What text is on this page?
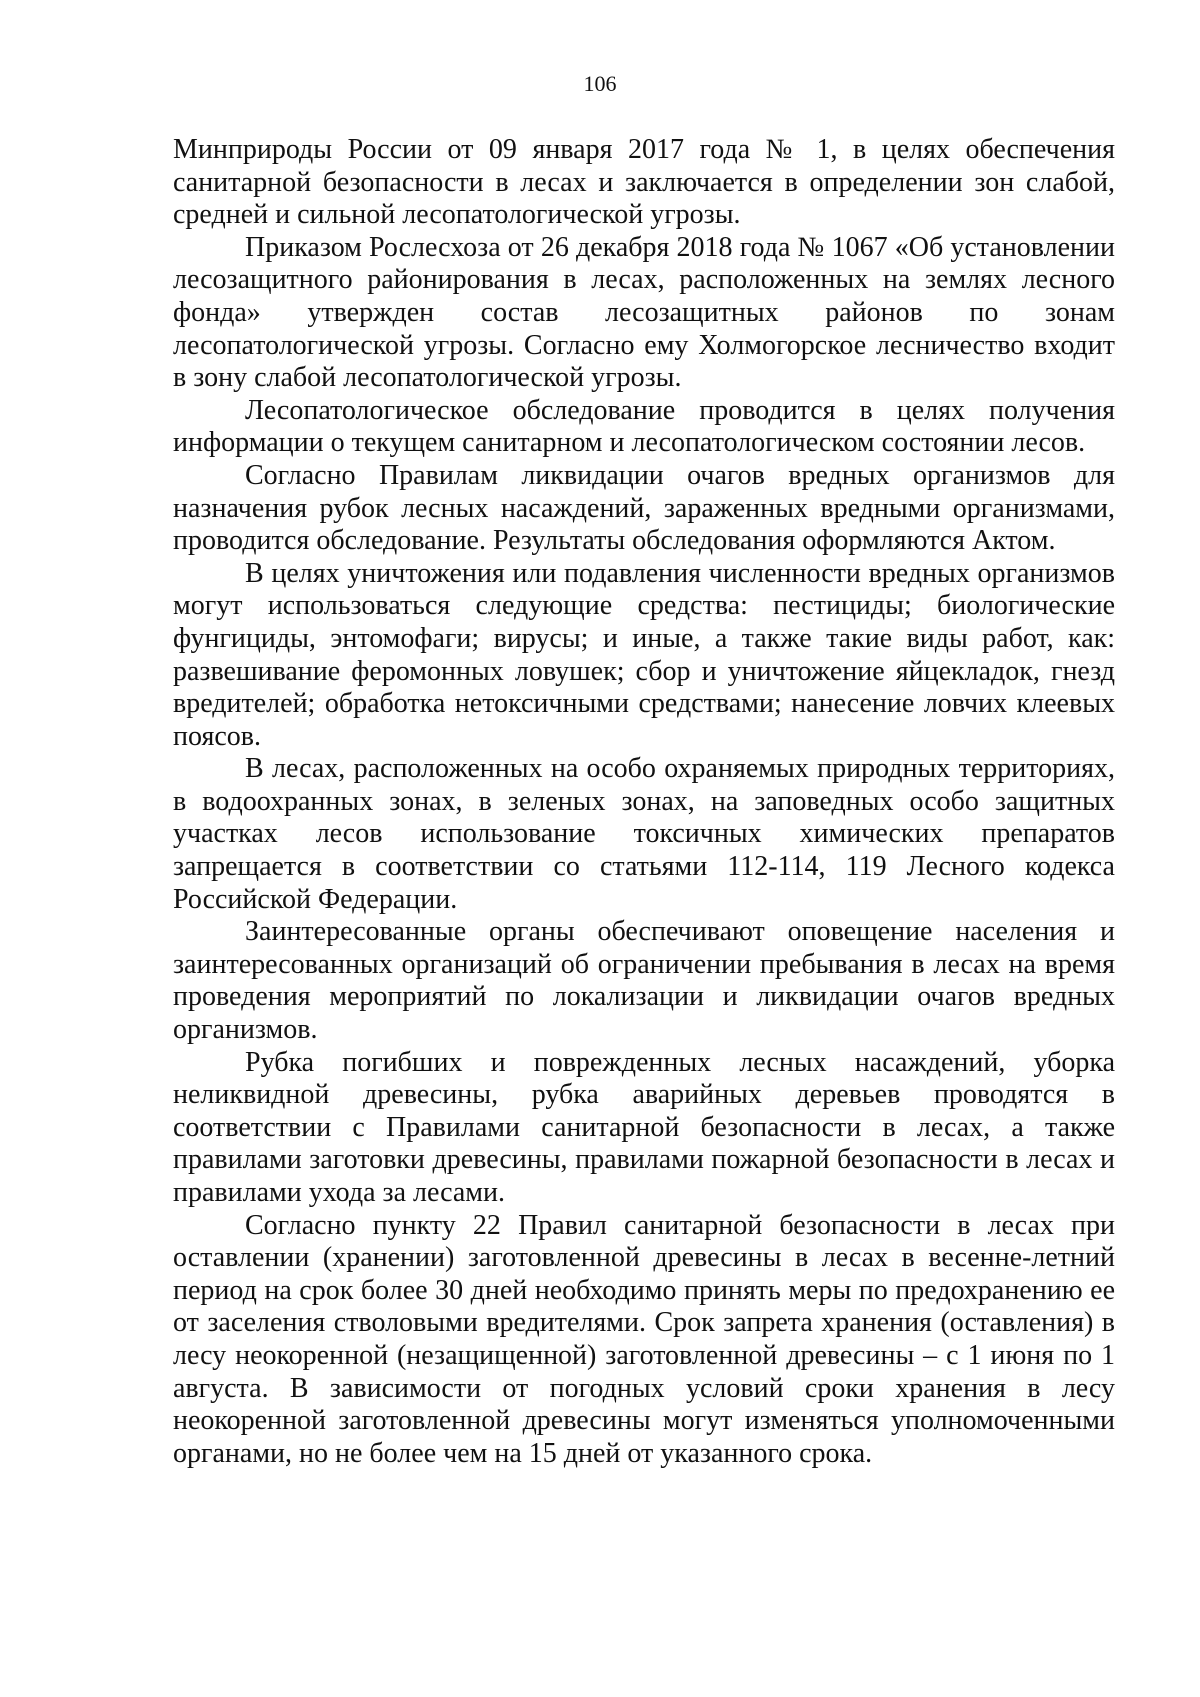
106

Минприроды России от 09 января 2017 года № 1, в целях обеспечения санитарной безопасности в лесах и заключается в определении зон слабой, средней и сильной лесопатологической угрозы.

Приказом Рослесхоза от 26 декабря 2018 года № 1067 «Об установлении лесозащитного районирования в лесах, расположенных на землях лесного фонда» утвержден состав лесозащитных районов по зонам лесопатологической угрозы. Согласно ему Холмогорское лесничество входит в зону слабой лесопатологической угрозы.

Лесопатологическое обследование проводится в целях получения информации о текущем санитарном и лесопатологическом состоянии лесов.

Согласно Правилам ликвидации очагов вредных организмов для назначения рубок лесных насаждений, зараженных вредными организмами, проводится обследование. Результаты обследования оформляются Актом.

В целях уничтожения или подавления численности вредных организмов могут использоваться следующие средства: пестициды; биологические фунгициды, энтомофаги; вирусы; и иные, а также такие виды работ, как: развешивание феромонных ловушек; сбор и уничтожение яйцекладок, гнезд вредителей; обработка нетоксичными средствами; нанесение ловчих клеевых поясов.

В лесах, расположенных на особо охраняемых природных территориях, в водоохранных зонах, в зеленых зонах, на заповедных особо защитных участках лесов использование токсичных химических препаратов запрещается в соответствии со статьями 112-114, 119 Лесного кодекса Российской Федерации.

Заинтересованные органы обеспечивают оповещение населения и заинтересованных организаций об ограничении пребывания в лесах на время проведения мероприятий по локализации и ликвидации очагов вредных организмов.

Рубка погибших и поврежденных лесных насаждений, уборка неликвидной древесины, рубка аварийных деревьев проводятся в соответствии с Правилами санитарной безопасности в лесах, а также правилами заготовки древесины, правилами пожарной безопасности в лесах и правилами ухода за лесами.

Согласно пункту 22 Правил санитарной безопасности в лесах при оставлении (хранении) заготовленной древесины в лесах в весенне-летний период на срок более 30 дней необходимо принять меры по предохранению ее от заселения стволовыми вредителями. Срок запрета хранения (оставления) в лесу неокоренной (незащищенной) заготовленной древесины – с 1 июня по 1 августа. В зависимости от погодных условий сроки хранения в лесу неокоренной заготовленной древесины могут изменяться уполномоченными органами, но не более чем на 15 дней от указанного срока.
